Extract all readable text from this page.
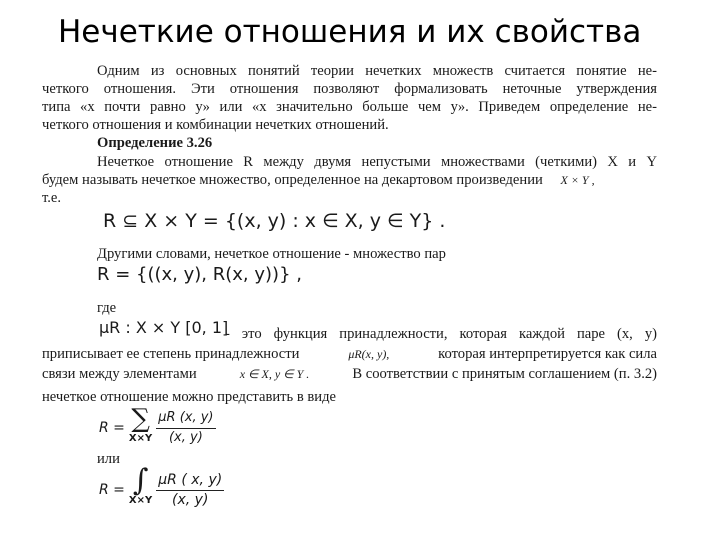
Нечеткие отношения и их свойства
Одним из основных понятий теории нечетких множеств считается понятие не-
четкого отношения. Эти отношения позволяют формализовать неточные утверждения
типа «x почти равно y» или «x значительно больше чем y». Приведем определение не-
четкого отношения и комбинации нечетких отношений.
Определение 3.26
Нечеткое отношение R между двумя непустыми множествами (четкими) X и Y
будем называть нечеткое множество, определенное на декартовом произведении X × Y ,
т.е.
R ⊆ X × Y = {(x, y) : x ∈ X, y ∈ Y} .
Другими словами, нечеткое отношение - множество пар
R = {((x, y), R(x, y))} ,
где
μR : X × Y [0, 1]
- это функция принадлежности, которая каждой паре (x, y)
приписывает ее степень принадлежности	μR(x, y),	которая интерпретируется как сила
связи между элементами	x ∈ X, y ∈ Y .	В соответствии с принятым соглашением (п. 3.2)
нечеткое отношение можно представить в виде
R = ∑
$X\times Y \frac{\mu R (x, y)}{(x, y)}$
или
R = ∫
$X\times Y \frac{\mu R ( x, y)}{(x, y)}$
